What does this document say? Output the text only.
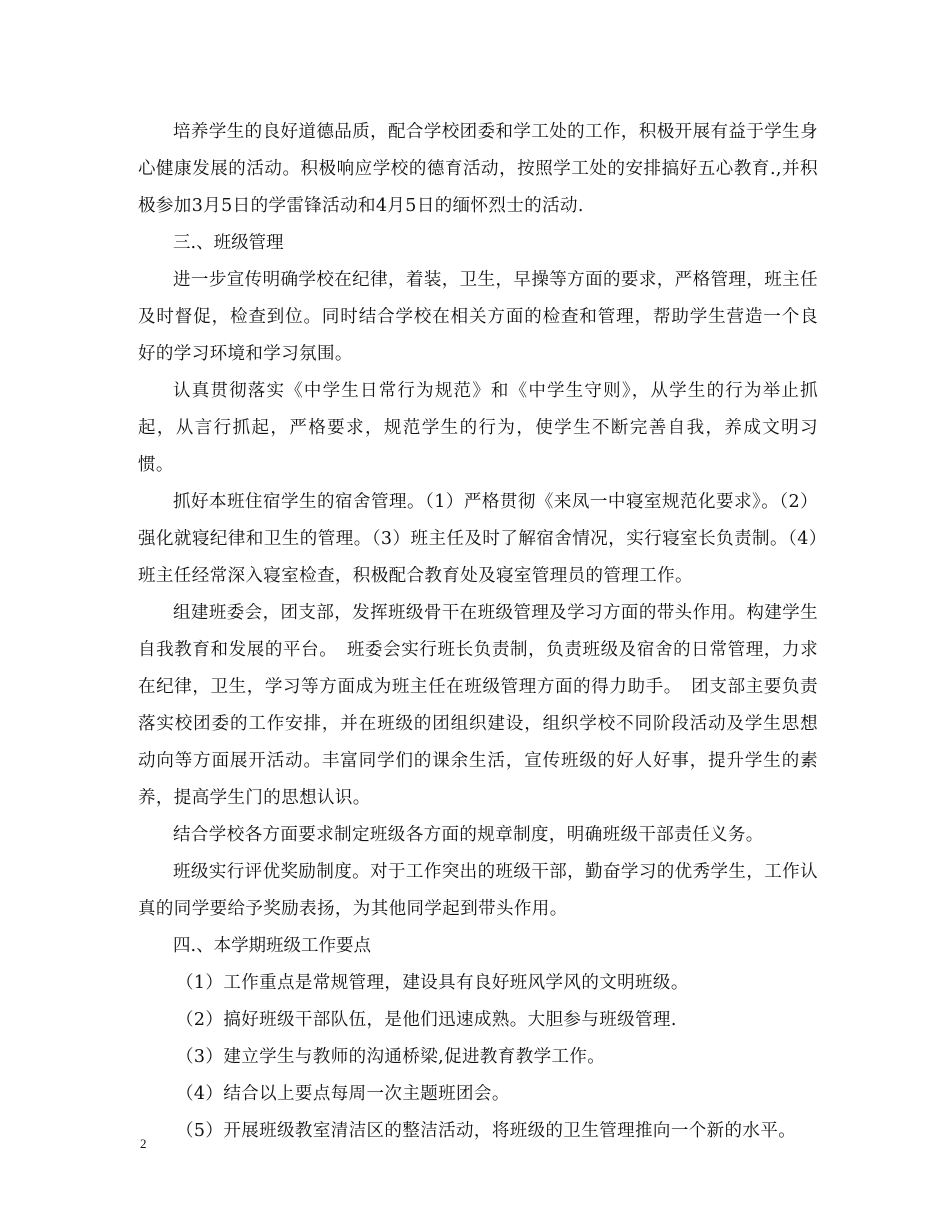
培养学生的良好道德品质，配合学校团委和学工处的工作，积极开展有益于学生身心健康发展的活动。积极响应学校的德育活动，按照学工处的安排搞好五心教育.,并积极参加3月5日的学雷锋活动和4月5日的缅怀烈士的活动.

三.、班级管理

进一步宣传明确学校在纪律，着装，卫生，早操等方面的要求，严格管理，班主任及时督促，检查到位。同时结合学校在相关方面的检查和管理，帮助学生营造一个良好的学习环境和学习氛围。

认真贯彻落实《中学生日常行为规范》和《中学生守则》，从学生的行为举止抓起，从言行抓起，严格要求，规范学生的行为，使学生不断完善自我，养成文明习惯。

抓好本班住宿学生的宿舍管理。（1）严格贯彻《来凤一中寝室规范化要求》。（2）强化就寝纪律和卫生的管理。（3）班主任及时了解宿舍情况，实行寝室长负责制。（4）班主任经常深入寝室检查，积极配合教育处及寝室管理员的管理工作。

组建班委会，团支部，发挥班级骨干在班级管理及学习方面的带头作用。构建学生自我教育和发展的平台。　班委会实行班长负责制，负责班级及宿舍的日常管理，力求在纪律，卫生，学习等方面成为班主任在班级管理方面的得力助手。　团支部主要负责落实校团委的工作安排，并在班级的团组织建设，组织学校不同阶段活动及学生思想动向等方面展开活动。丰富同学们的课余生活，宣传班级的好人好事，提升学生的素养，提高学生门的思想认识。

结合学校各方面要求制定班级各方面的规章制度，明确班级干部责任义务。

班级实行评优奖励制度。对于工作突出的班级干部，勤奋学习的优秀学生，工作认真的同学要给予奖励表扬，为其他同学起到带头作用。

四.、本学期班级工作要点

（1）工作重点是常规管理，建设具有良好班风学风的文明班级。

（2）搞好班级干部队伍，是他们迅速成熟。大胆参与班级管理.

（3）建立学生与教师的沟通桥梁,促进教育教学工作。

（4）结合以上要点每周一次主题班团会。

（5）开展班级教室清洁区的整洁活动，将班级的卫生管理推向一个新的水平。

2
